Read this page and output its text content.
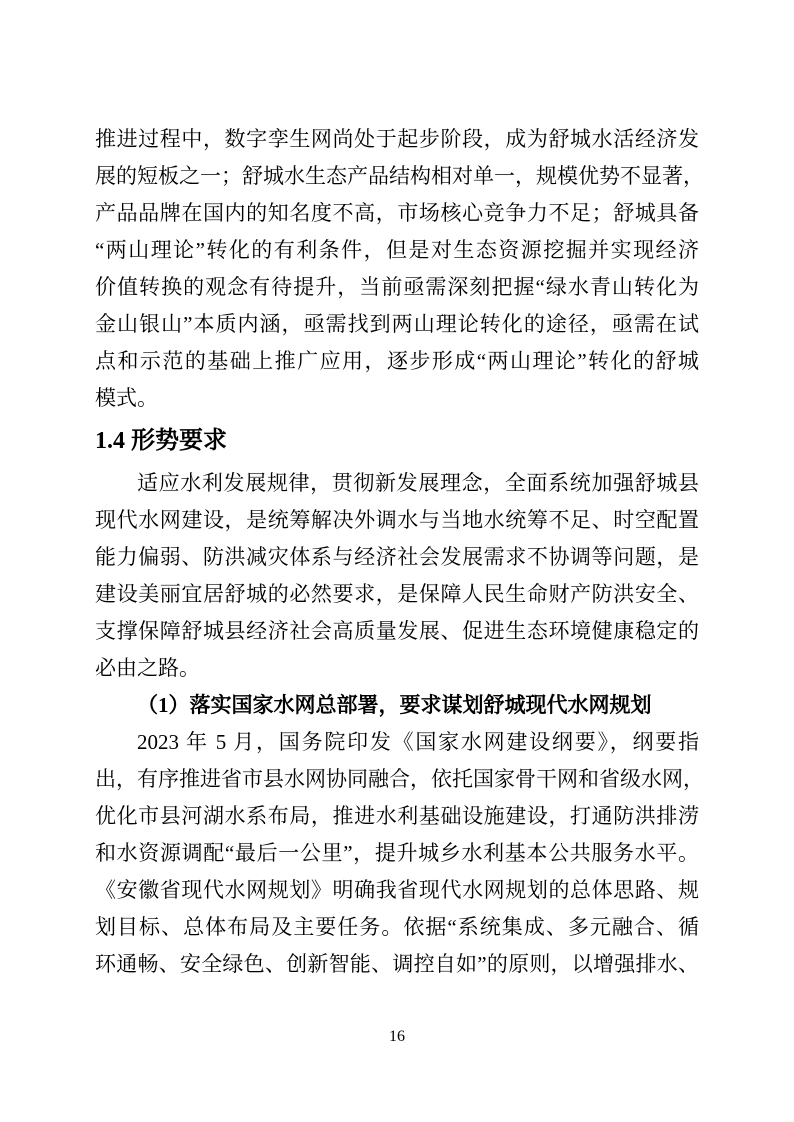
推进过程中，数字孪生网尚处于起步阶段，成为舒城水活经济发

展的短板之一；舒城水生态产品结构相对单一，规模优势不显著，

产品品牌在国内的知名度不高，市场核心竞争力不足；舒城具备

“两山理论”转化的有利条件，但是对生态资源挖掘并实现经济

价值转换的观念有待提升，当前亟需深刻把握“绿水青山转化为

金山银山”本质内涵，亟需找到两山理论转化的途径，亟需在试

点和示范的基础上推广应用，逐步形成“两山理论”转化的舒城

模式。

1.4 形势要求

适应水利发展规律，贯彻新发展理念，全面系统加强舒城县

现代水网建设，是统筹解决外调水与当地水统筹不足、时空配置

能力偏弱、防洪减灾体系与经济社会发展需求不协调等问题，是

建设美丽宜居舒城的必然要求，是保障人民生命财产防洪安全、

支撑保障舒城县经济社会高质量发展、促进生态环境健康稳定的

必由之路。

（1）落实国家水网总部署，要求谋划舒城现代水网规划

2023 年 5 月，国务院印发《国家水网建设纲要》，纲要指

出，有序推进省市县水网协同融合，依托国家骨干网和省级水网，

优化市县河湖水系布局，推进水利基础设施建设，打通防洪排涝

和水资源调配“最后一公里”，提升城乡水利基本公共服务水平。

《安徽省现代水网规划》明确我省现代水网规划的总体思路、规

划目标、总体布局及主要任务。依据“系统集成、多元融合、循

环通畅、安全绿色、创新智能、调控自如”的原则，以增强排水、

16
